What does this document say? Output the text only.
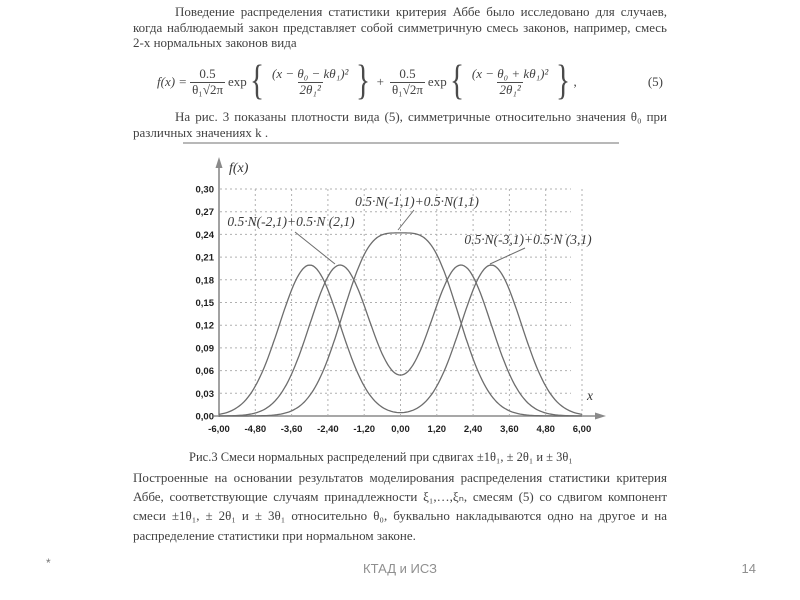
Поведение распределения статистики критерия Аббе было исследовано для случаев, когда наблюдаемый закон представляет собой симметричную смесь законов, например, смесь 2-х нормальных законов вида
$f(x) = \frac{0.5}{\text{θ₁√2π}}$ exp { $\frac{\text{(x − θ₀ − kθ₁)²}}{\text{2θ₁²}}$ } + $\frac{0.5}{\text{θ₁√2π}}$ exp { $\frac{\text{(x − θ₀ + kθ₁)²}}{\text{2θ₁²}}$ } ,	(5)
На рис. 3 показаны плотности вида (5), симметричные относительно значения θ₀ при различных значениях k .
0,00
0,03
0,06
0,09
0,12
0,15
0,18
0,21
0,24
0,27
0,30
-6,00 -4,80 -3,60 -2,40 -1,20 0,00 1,20 2,40 3,60 4,80 6,00
f(x)
x
0.5·N(-1,1)+0.5·N(1,1)
0.5·N(-2,1)+0.5·N (2,1)
0.5·N(-3,1)+0.5·N (3,1)
Рис.3 Смеси нормальных распределений при сдвигах ±1θ₁, ± 2θ₁ и ± 3θ₁
Построенные на основании результатов моделирования распределения статистики критерия Аббе, соответствующие случаям принадлежности ξ₁,…,ξₙ, смесям (5) со сдвигом компонент смеси ±1θ₁, ± 2θ₁ и ± 3θ₁ относительно θ₀, буквально накладываются одно на другое и на распределение статистики при нормальном законе.
*	КТАД и ИСЗ	14
